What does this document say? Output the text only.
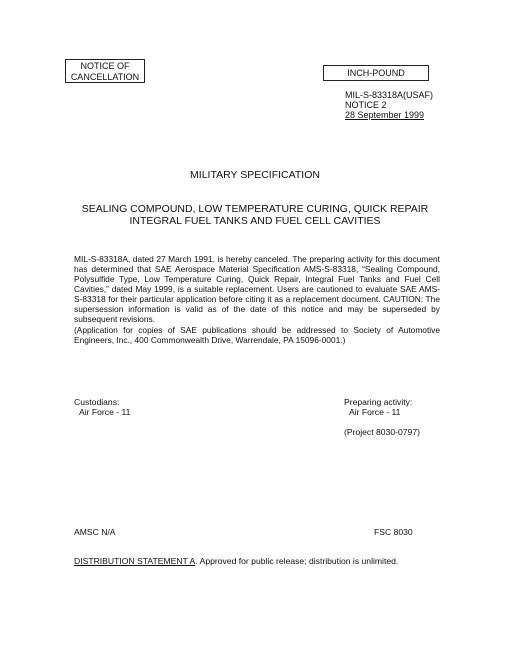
NOTICE OF
CANCELLATION	INCH-POUND
MIL-S-83318A(USAF)
NOTICE 2
28 September 1999
MILITARY SPECIFICATION
SEALING COMPOUND, LOW TEMPERATURE CURING, QUICK REPAIR
INTEGRAL FUEL TANKS AND FUEL CELL CAVITIES
MIL-S-83318A, dated 27 March 1991, is hereby canceled. The preparing activity for this document has determined that SAE Aerospace Material Specification AMS-S-83318, “Sealing Compound, Polysulfide Type, Low Temperature Curing, Quick Repair, Integral Fuel Tanks and Fuel Cell Cavities,” dated May 1999, is a suitable replacement. Users are cautioned to evaluate SAE AMS-S-83318 for their particular application before citing it as a replacement document. CAUTION: The supersession information is valid as of the date of this notice and may be superseded by subsequent revisions.
(Application for copies of SAE publications should be addressed to Society of Automotive Engineers, Inc., 400 Commonwealth Drive, Warrendale, PA 15096-0001.)
Custodians:
Air Force - 11
Preparing activity:
Air Force - 11
(Project 8030-0797)
AMSC N/A	FSC 8030
DISTRIBUTION STATEMENT A. Approved for public release; distribution is unlimited.
